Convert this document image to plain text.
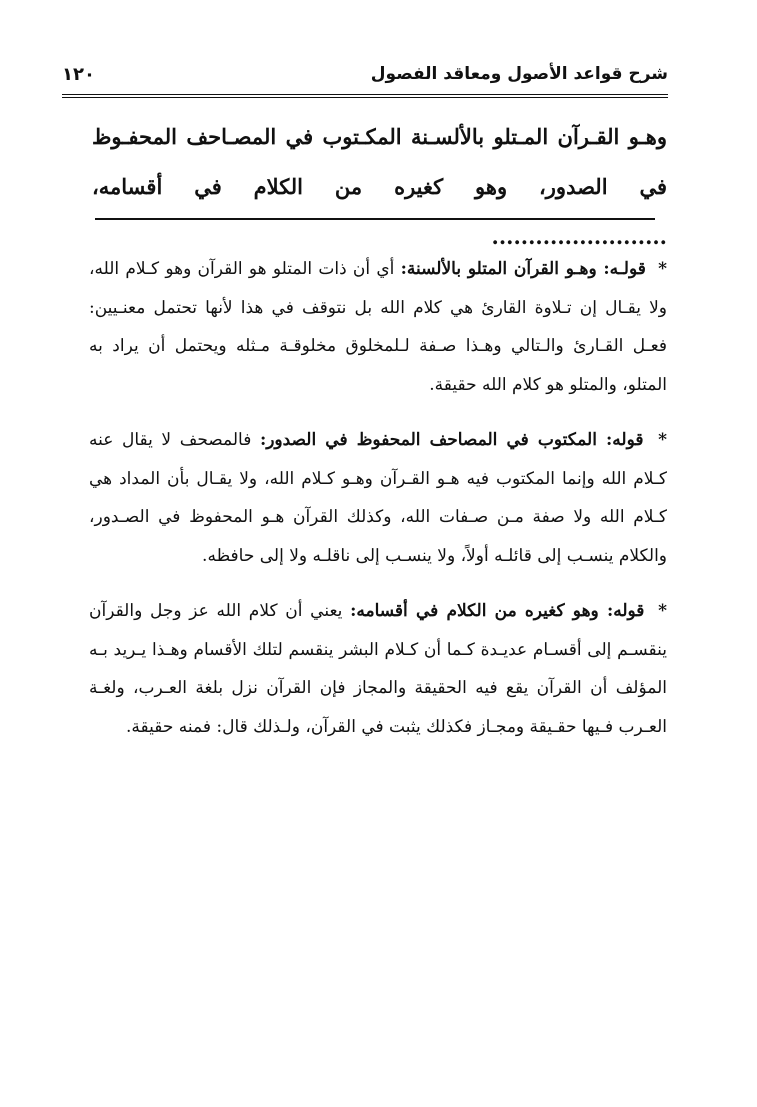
شرح قواعد الأصول ومعاقد الفصول
١٢٠
وهـو القـرآن المـتلو بالألسـنة المكـتوب في المصـاحف المحفـوظ في الصدور، وهو كغيره من الكلام في أقسامه، ........................

* قولـه: وهـو القرآن المتلو بالألسنة: أي أن ذات المتلو هو القرآن وهو كـلام الله، ولا يقـال إن تـلاوة القارئ هي كلام الله بل نتوقف في هذا لأنها تحتمل معنـيين: فعـل القـارئ والـتالي وهـذا صـفة لـلمخلوق مخلوقـة مـثله ويحتمل أن يراد به المتلو، والمتلو هو كلام الله حقيقة.

* قوله: المكتوب في المصاحف المحفوظ في الصدور: فالمصحف لا يقال عنه كـلام الله وإنما المكتوب فيه هـو القـرآن وهـو كـلام الله، ولا يقـال بأن المداد هي كـلام الله ولا صفة مـن صـفات الله، وكذلك القرآن هـو المحفوظ في الصـدور، والكلام ينسـب إلى قائلـه أولاً، ولا ينسـب إلى ناقلـه ولا إلى حافظه.

* قوله: وهو كغيره من الكلام في أقسامه: يعني أن كلام الله عز وجل والقرآن ينقسـم إلى أقسـام عديـدة كـما أن كـلام البشر ينقسم لتلك الأقسام وهـذا يـريد بـه المؤلف أن القرآن يقع فيه الحقيقة والمجاز فإن القرآن نزل بلغة العـرب، ولغـة العـرب فـيها حقـيقة ومجـاز فكذلك يثبت في القرآن، ولـذلك قال: فمنه حقيقة.
